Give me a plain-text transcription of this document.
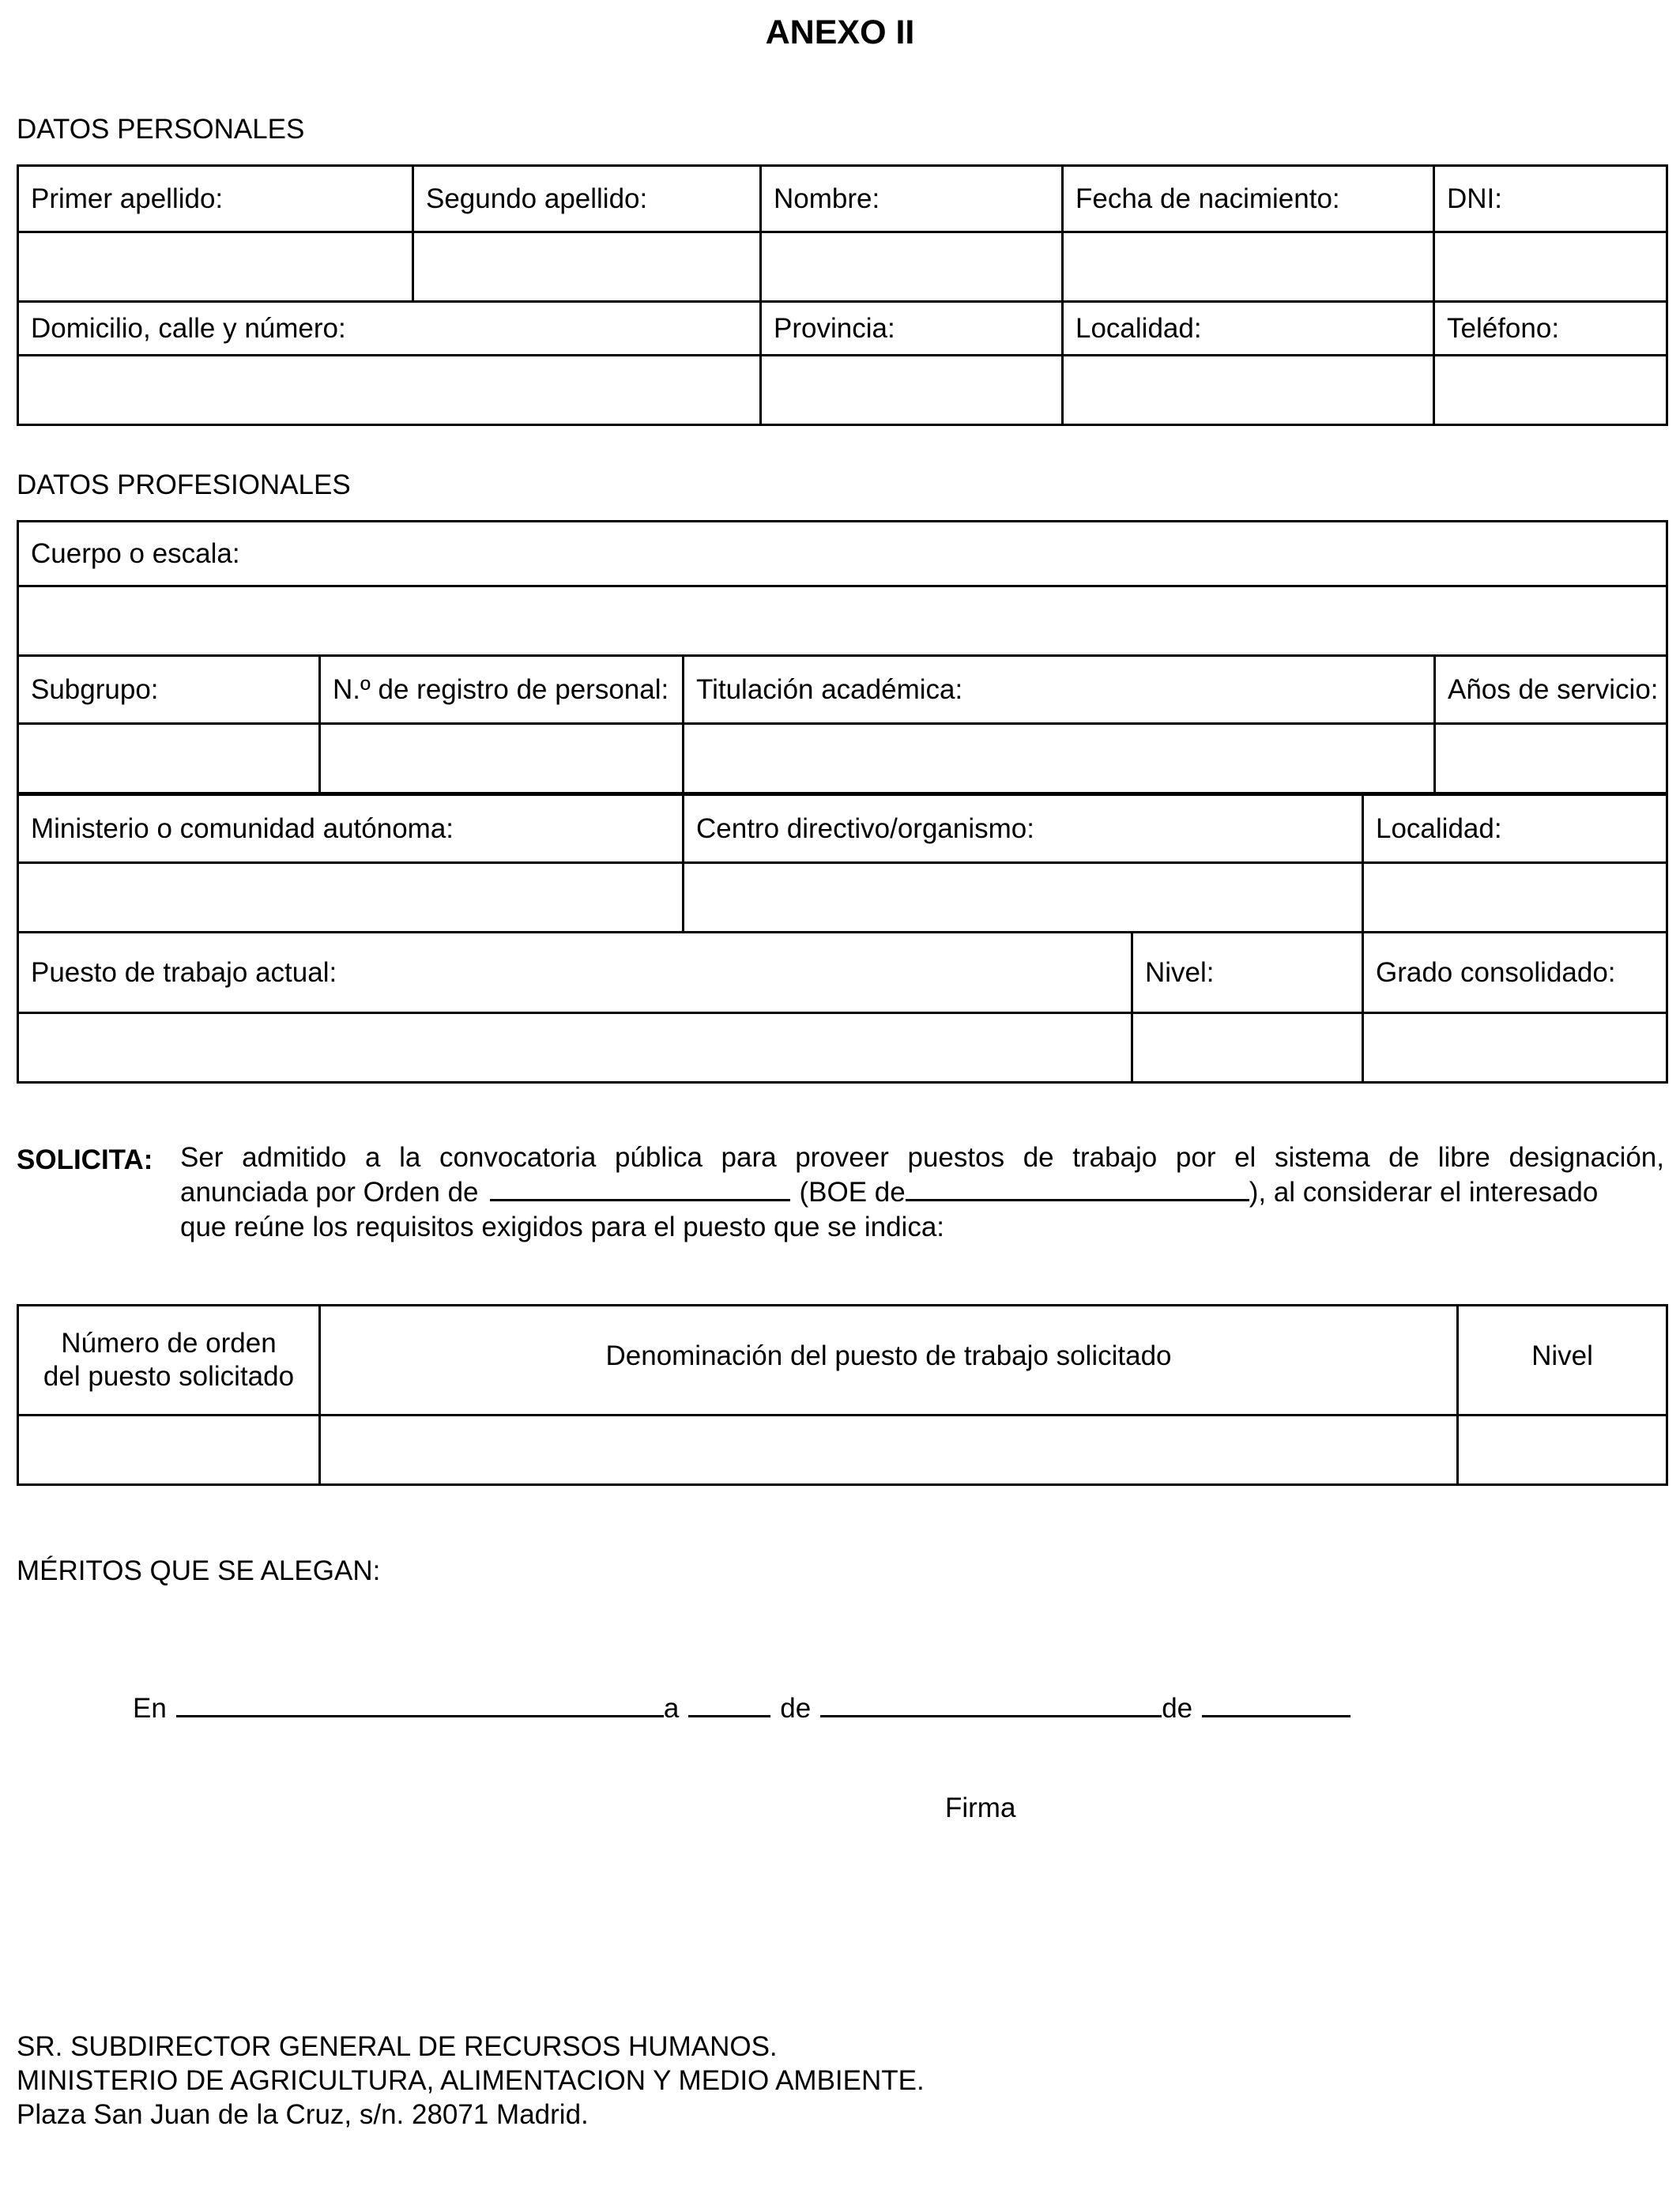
ANEXO II
DATOS PERSONALES
Primer apellido:	Segundo apellido:	Nombre:	Fecha de nacimiento:	DNI:

Domicilio, calle y número:		Provincia:	Localidad:	Teléfono:

DATOS PROFESIONALES
Cuerpo o escala:			

Subgrupo:	N.º de registro de personal:	Titulación académica:	Años de servicio:

Ministerio o comunidad autónoma:	Centro directivo/organismo:	Localidad:

Puesto de trabajo actual:	Nivel:	Grado consolidado:

SOLICITA: Ser admitido a la convocatoria pública para proveer puestos de trabajo por el sistema de libre designación,
anunciada por Orden de	(BOE de	), al considerar el interesado
que reúne los requisitos exigidos para el puesto que se indica:
Número de orden
del puesto solicitado	Denominación del puesto de trabajo solicitado	Nivel

MÉRITOS QUE SE ALEGAN:
En	a	de	de
Firma
SR. SUBDIRECTOR GENERAL DE RECURSOS HUMANOS.
MINISTERIO DE AGRICULTURA, ALIMENTACION Y MEDIO AMBIENTE.
Plaza San Juan de la Cruz, s/n. 28071 Madrid.
